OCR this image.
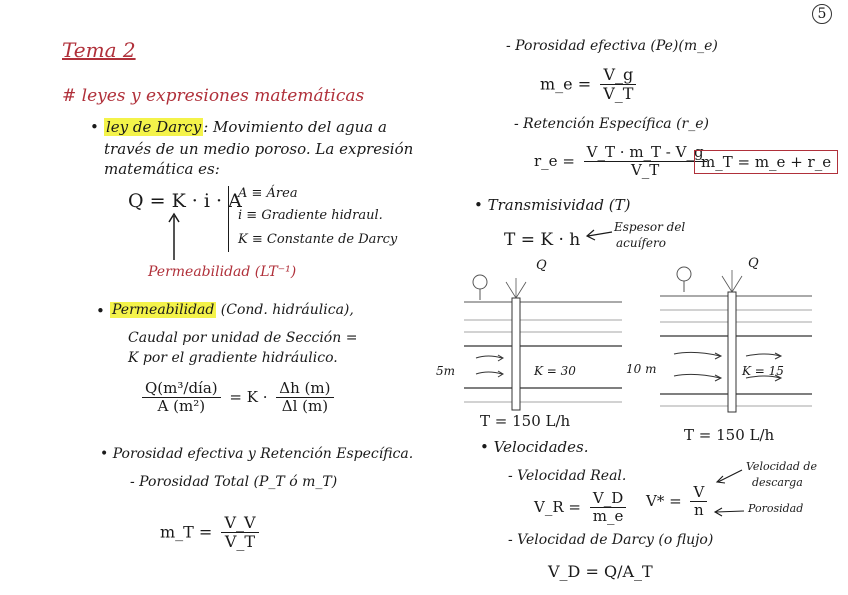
5
Tema 2
# leyes y expresiones matemáticas
• ley de Darcy : Movimiento del agua a
través de un medio poroso. La expresión
matemática es:
Q = K · i · A
A ≡ Área
i ≡ Gradiente hidraul.
K ≡ Constante de Darcy
Permeabilidad (LT⁻¹)
• Permeabilidad (Cond. hidráulica),
Caudal por unidad de Sección =
K por el gradiente hidráulico.
$\frac{\text{Q(m³/día)}}{\text{A (m²)}} = K \cdot \frac{\Delta h (m)}{\Delta l (m)}$
• Porosidad efectiva y Retención Específica.
- Porosidad Total (P_T ó m_T)
m_T = $\frac{V\_V}{V\_T}$
- Porosidad efectiva (Pe)(m_e)
m_e = $\frac{V\_g}{V\_T}$
- Retención Específica (r_e)
r_e = $\frac{V\_T \cdot m\_T - V\_g}{V\_T}$
m_T = m_e + r_e
• Transmisividad (T)
T = K · h
Espesor del
acuífero
Q
5m	K = 30
T = 150 L/h
Q
10 m	K = 15
T = 150 L/h
• Velocidades.
- Velocidad Real.
V_R = $\frac{V\_D}{m\_e} V* = \frac{V}{n}$
Velocidad de
descarga
Porosidad
- Velocidad de Darcy (o flujo)
V_D = Q/A_T
